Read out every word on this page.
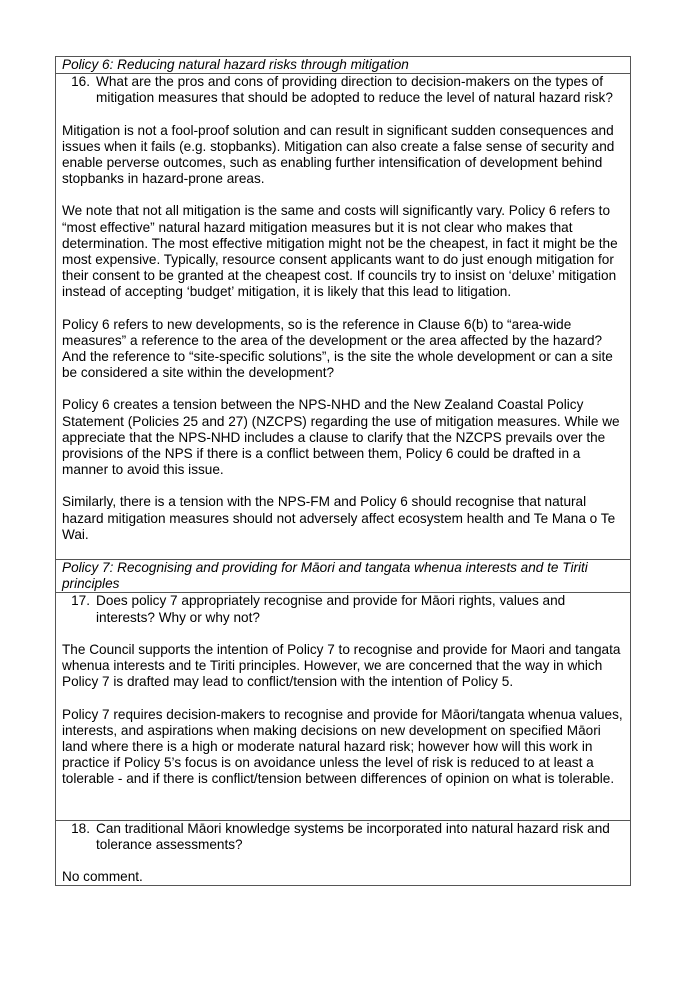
Policy 6: Reducing natural hazard risks through mitigation

16. What are the pros and cons of providing direction to decision-makers on the types of mitigation measures that should be adopted to reduce the level of natural hazard risk?

Mitigation is not a fool-proof solution and can result in significant sudden consequences and issues when it fails (e.g. stopbanks). Mitigation can also create a false sense of security and enable perverse outcomes, such as enabling further intensification of development behind stopbanks in hazard-prone areas.

We note that not all mitigation is the same and costs will significantly vary. Policy 6 refers to “most effective” natural hazard mitigation measures but it is not clear who makes that determination. The most effective mitigation might not be the cheapest, in fact it might be the most expensive. Typically, resource consent applicants want to do just enough mitigation for their consent to be granted at the cheapest cost. If councils try to insist on ‘deluxe’ mitigation instead of accepting ‘budget’ mitigation, it is likely that this lead to litigation.

Policy 6 refers to new developments, so is the reference in Clause 6(b) to “area-wide measures” a reference to the area of the development or the area affected by the hazard? And the reference to “site-specific solutions”, is the site the whole development or can a site be considered a site within the development?

Policy 6 creates a tension between the NPS-NHD and the New Zealand Coastal Policy Statement (Policies 25 and 27) (NZCPS) regarding the use of mitigation measures. While we appreciate that the NPS-NHD includes a clause to clarify that the NZCPS prevails over the provisions of the NPS if there is a conflict between them, Policy 6 could be drafted in a manner to avoid this issue.

Similarly, there is a tension with the NPS-FM and Policy 6 should recognise that natural hazard mitigation measures should not adversely affect ecosystem health and Te Mana o Te Wai.

Policy 7: Recognising and providing for Māori and tangata whenua interests and te Tiriti principles

17. Does policy 7 appropriately recognise and provide for Māori rights, values and interests? Why or why not?

The Council supports the intention of Policy 7 to recognise and provide for Maori and tangata whenua interests and te Tiriti principles. However, we are concerned that the way in which Policy 7 is drafted may lead to conflict/tension with the intention of Policy 5.

Policy 7 requires decision-makers to recognise and provide for Māori/tangata whenua values, interests, and aspirations when making decisions on new development on specified Māori land where there is a high or moderate natural hazard risk; however how will this work in practice if Policy 5’s focus is on avoidance unless the level of risk is reduced to at least a tolerable - and if there is conflict/tension between differences of opinion on what is tolerable.

18. Can traditional Māori knowledge systems be incorporated into natural hazard risk and tolerance assessments?

No comment.
